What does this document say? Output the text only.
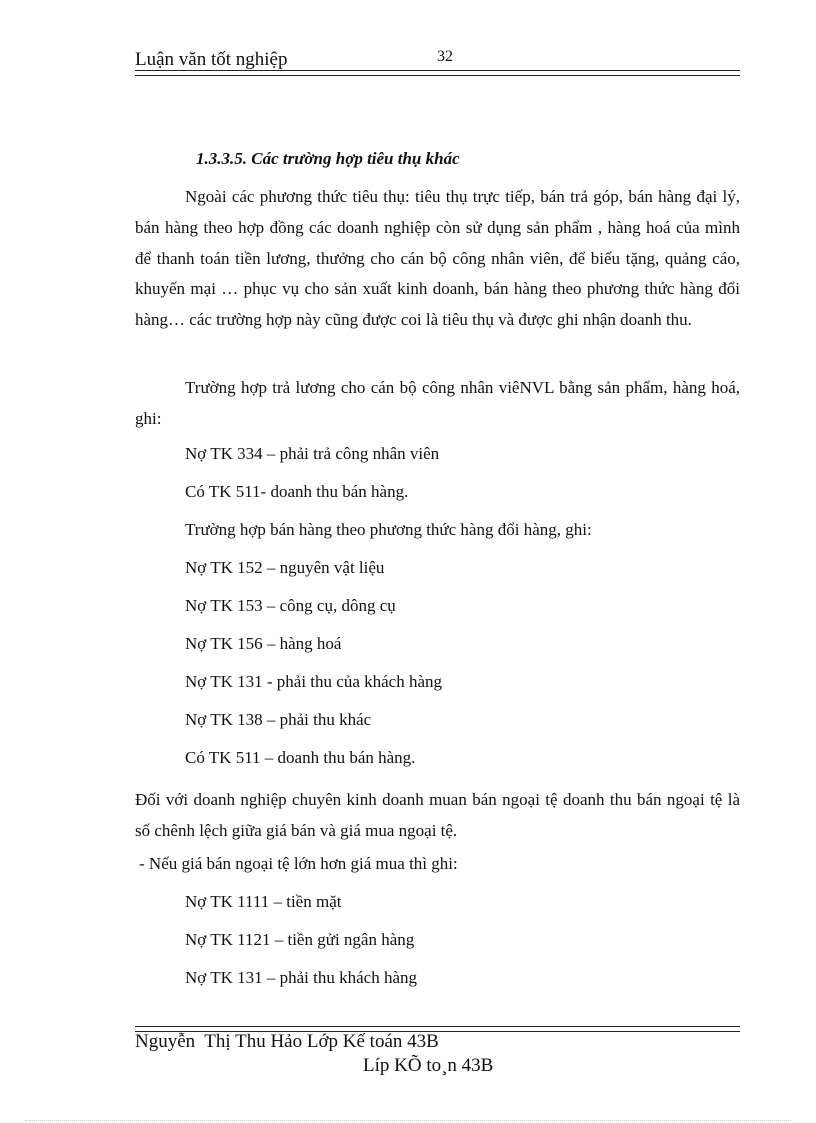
Luận văn tốt nghiệp	32
1.3.3.5. Các trường hợp tiêu thụ khác
Ngoài các phương thức tiêu thụ: tiêu thụ trực tiếp, bán trả góp, bán hàng đại lý, bán hàng theo hợp đồng các doanh nghiệp còn sử dụng sản phẩm , hàng hoá của mình để thanh toán tiền lương, thưởng cho cán bộ công nhân viên, để biếu tặng, quảng cáo, khuyến mại … phục vụ cho sản xuất kinh doanh, bán hàng theo phương thức hàng đổi hàng… các trường hợp này cũng được coi là tiêu thụ và được ghi nhận doanh thu.
Trường hợp trả lương cho cán bộ công nhân viêNVL bằng sản phẩm, hàng hoá, ghi:
Nợ TK 334 – phải trả công nhân viên
Có TK 511- doanh thu bán hàng.
Trường hợp bán hàng theo phương thức hàng đổi hàng, ghi:
Nợ TK 152 – nguyên vật liệu
Nợ TK 153 – công cụ, dông cụ
Nợ TK 156 – hàng hoá
Nợ TK 131 - phải thu của khách hàng
Nợ TK 138 – phải thu khác
Có TK 511 – doanh thu bán hàng.
Đối với doanh nghiệp chuyên kinh doanh muan bán ngoại tệ doanh thu bán ngoại tệ là số chênh lệch giữa giá bán và giá mua ngoại tệ.
- Nếu giá bán ngoại tệ lớn hơn giá mua thì ghi:
Nợ TK 1111 – tiền mặt
Nợ TK 1121 – tiền gửi ngân hàng
Nợ TK 131 – phải thu khách hàng
Nguyễn  Thị Thu Hảo Lớp Kế toán 43B
Líp KÕ to¸n 43B
